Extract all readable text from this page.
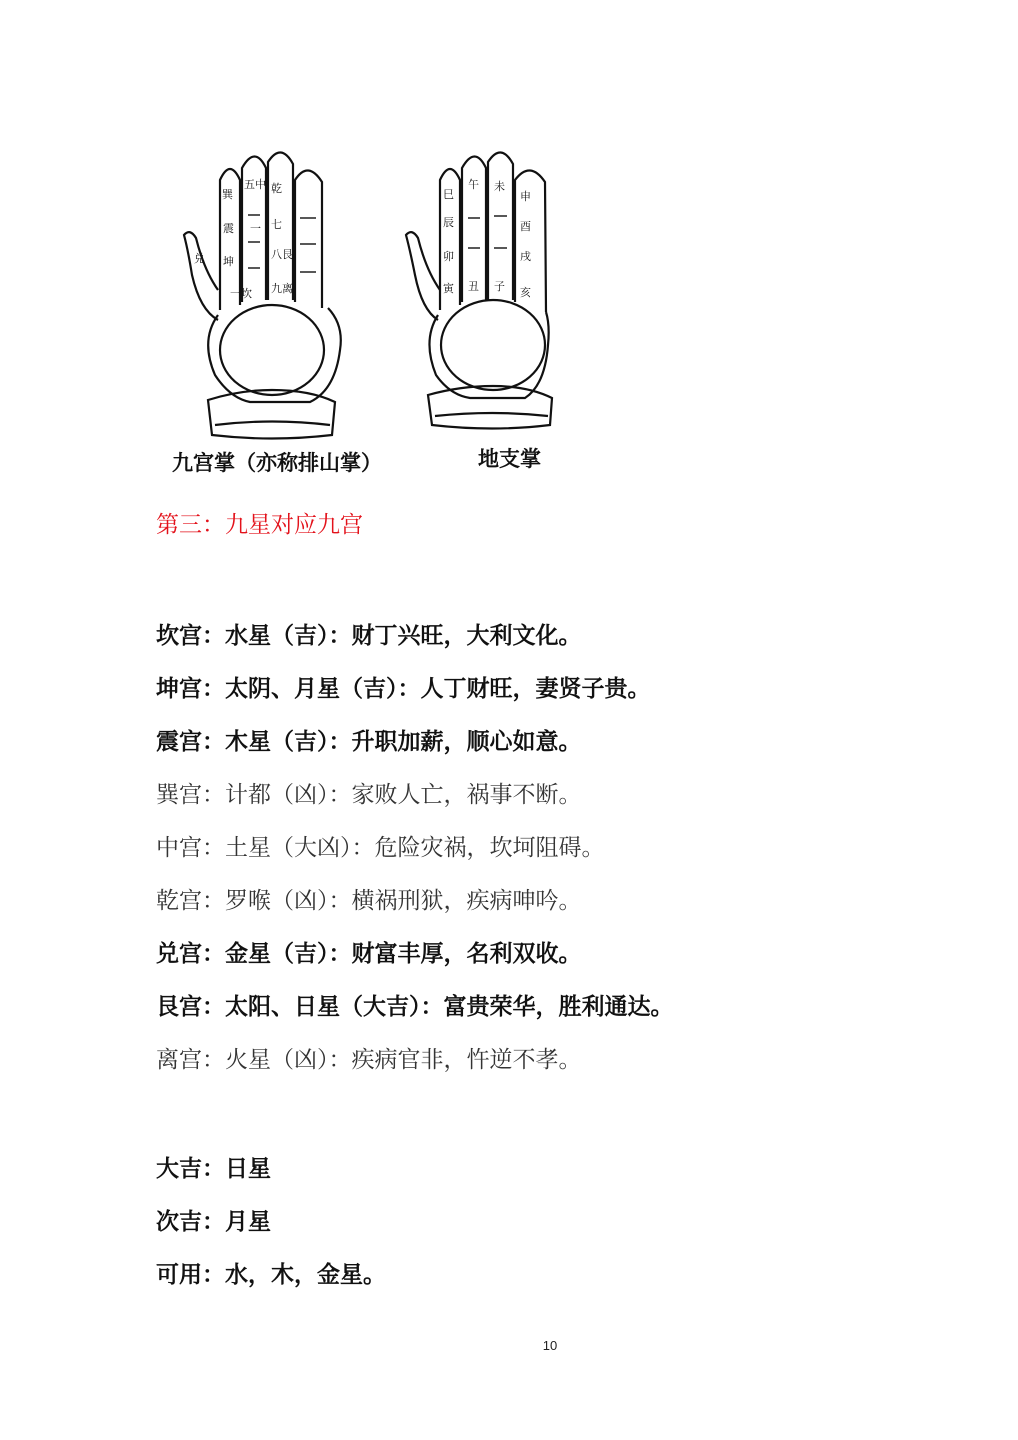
巽
震
坤
兑
五中
一
乾
七
八艮
九离
一坎
巳
辰
卯
寅
午
丑
未
子
申
酉
戌
亥
九宫掌（亦称排山掌）	地支掌
第三：九星对应九宫
坎宫：水星（吉）：财丁兴旺，大利文化。
坤宫：太阴、月星（吉）：人丁财旺，妻贤子贵。
震宫：木星（吉）：升职加薪，顺心如意。
巽宫：计都（凶）：家败人亡，祸事不断。
中宫：土星（大凶）：危险灾祸，坎坷阻碍。
乾宫：罗喉（凶）：横祸刑狱，疾病呻吟。
兑宫：金星（吉）：财富丰厚，名利双收。
艮宫：太阳、日星（大吉）：富贵荣华，胜利通达。
离宫：火星（凶）：疾病官非，忤逆不孝。
大吉：日星
次吉：月星
可用：水，木，金星。
10
